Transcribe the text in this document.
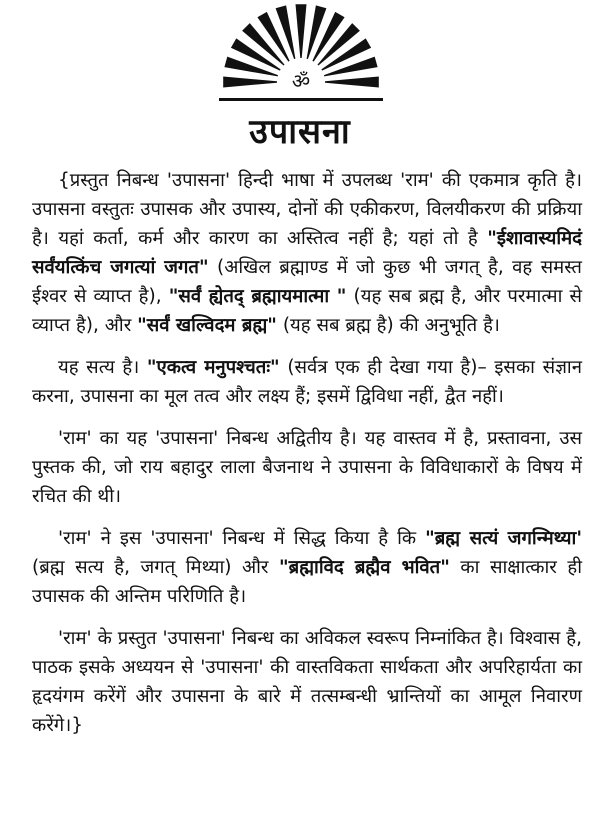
ॐ
उपासना

{प्रस्तुत निबन्ध 'उपासना' हिन्दी भाषा में उपलब्ध 'राम' की एकमात्र कृति है। उपासना वस्तुतः उपासक और उपास्य, दोनों की एकीकरण, विलयीकरण की प्रक्रिया है। यहां कर्ता, कर्म और कारण का अस्तित्व नहीं है; यहां तो है "ईशावास्यमिदं सर्वंयत्किंच जगत्यां जगत" (अखिल ब्रह्माण्ड में जो कुछ भी जगत् है, वह समस्त ईश्वर से व्याप्त है), "सर्वं ह्येतद् ब्रह्मायमात्मा " (यह सब ब्रह्म है, और परमात्मा से व्याप्त है), और "सर्वं खल्विदम ब्रह्म" (यह सब ब्रह्म है) की अनुभूति है।

यह सत्य है। "एकत्व मनुपश्चतः" (सर्वत्र एक ही देखा गया है)– इसका संज्ञान करना, उपासना का मूल तत्व और लक्ष्य हैं; इसमें द्विविधा नहीं, द्वैत नहीं।

'राम' का यह 'उपासना' निबन्ध अद्वितीय है। यह वास्तव में है, प्रस्तावना, उस पुस्तक की, जो राय बहादुर लाला बैजनाथ ने उपासना के विविधाकारों के विषय में रचित की थी।

'राम' ने इस 'उपासना' निबन्ध में सिद्ध किया है कि "ब्रह्म सत्यं जगन्मिथ्या' (ब्रह्म सत्य है, जगत् मिथ्या) और "ब्रह्माविद ब्रह्मैव भवित" का साक्षात्कार ही उपासक की अन्तिम परिणिति है।

'राम' के प्रस्तुत 'उपासना' निबन्ध का अविकल स्वरूप निम्नांकित है। विश्वास है, पाठक इसके अध्ययन से 'उपासना' की वास्तविकता सार्थकता और अपरिहार्यता का हृदयंगम करेंगें और उपासना के बारे में तत्सम्बन्धी भ्रान्तियों का आमूल निवारण करेंगे।}
